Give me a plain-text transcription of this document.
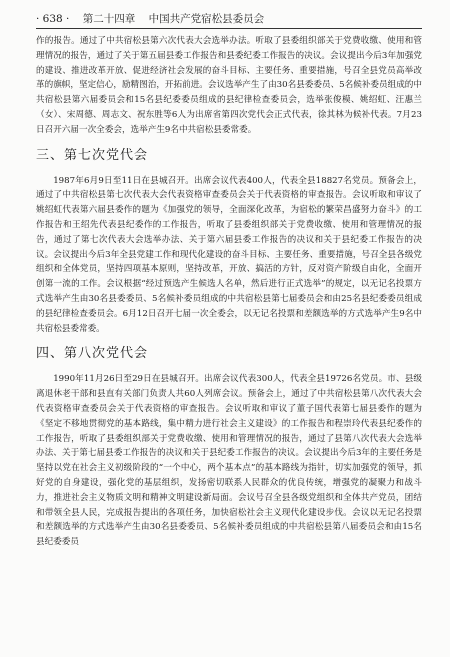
· 638 · 第二十四章 中国共产党宿松县委员会

作的报告。通过了中共宿松县第六次代表大会选举办法。听取了县委组织部关于党费收缴、使用和管理情况的报告，通过了关于第五届县委工作报告和县委纪委工作报告的决议。会议提出今后3年加强党的建设、推进改革开放、促进经济社会发展的奋斗目标、主要任务、重要措施，号召全县党员高举改革的旗帜，坚定信心，励精图治，开拓前进。会议选举产生了由30名县委委员、5名候补委员组成的中共宿松县第六届委员会和15名县纪委委员组成的县纪律检查委员会，选举张俊模、姚绍虹、汪惠兰（女）、宋周德、周志文、祝东胜等6人为出席省第四次党代会正式代表，徐其林为候补代表。7月23日召开六届一次全委会，选举产生9名中共宿松县委常委。

三、第七次党代会

1987年6月9日至11日在县城召开。出席会议代表400人，代表全县18827名党员。预备会上，通过了中共宿松县第七次代表大会代表资格审查委员会关于代表资格的审查报告。会议听取和审议了姚绍虹代表第六届县委作的题为《加强党的领导，全面深化改革，为宿松的繁荣昌盛努力奋斗》的工作报告和王绍先代表县纪委作的工作报告，听取了县委组织部关于党费收缴、使用和管理情况的报告，通过了第七次代表大会选举办法、关于第六届县委工作报告的决议和关于县纪委工作报告的决议。会议提出今后3年全县党建工作和现代化建设的奋斗目标、主要任务、重要措施，号召全县各级党组织和全体党员，坚持四项基本原则，坚持改革，开放、搞活的方针，反对资产阶级自由化，全面开创第一流的工作。会议根据“经过预选产生候选人名单，然后进行正式选举”的规定，以无记名投票方式选举产生由30名县委委员、5名候补委员组成的中共宿松县第七届委员会和由25名县纪委委员组成的县纪律检查委员会。6月12日召开七届一次全委会，以无记名投票和差额选举的方式选举产生9名中共宿松县委常委。

四、第八次党代会

1990年11月26日至29日在县城召开。出席会议代表300人，代表全县19726名党员。市、县级离退休老干部和县直有关部门负责人共60人列席会议。预备会上，通过了中共宿松县第八次代表大会代表资格审查委员会关于代表资格的审查报告。会议听取和审议了董子国代表第七届县委作的题为《坚定不移地贯彻党的基本路线，集中精力进行社会主义建设》的工作报告和程崇玲代表县纪委作的工作报告，听取了县委组织部关于党费收缴、使用和管理情况的报告，通过了县第八次代表大会选举办法、关于第七届县委工作报告的决议和关于县纪委工作报告的决议。会议提出今后3年的主要任务是坚持以党在社会主义初级阶段的“一个中心，两个基本点”的基本路线为指针，切实加强党的领导，抓好党的自身建设，强化党的基层组织，发扬密切联系人民群众的优良传统，增强党的凝聚力和战斗力，推进社会主义物质文明和精神文明建设新局面。会议号召全县各级党组织和全体共产党员，团结和带领全县人民，完成报告提出的各项任务，加快宿松社会主义现代化建设步伐。会议以无记名投票和差额选举的方式选举产生由30名县委委员、5名候补委员组成的中共宿松县第八届委员会和由15名县纪委委员
